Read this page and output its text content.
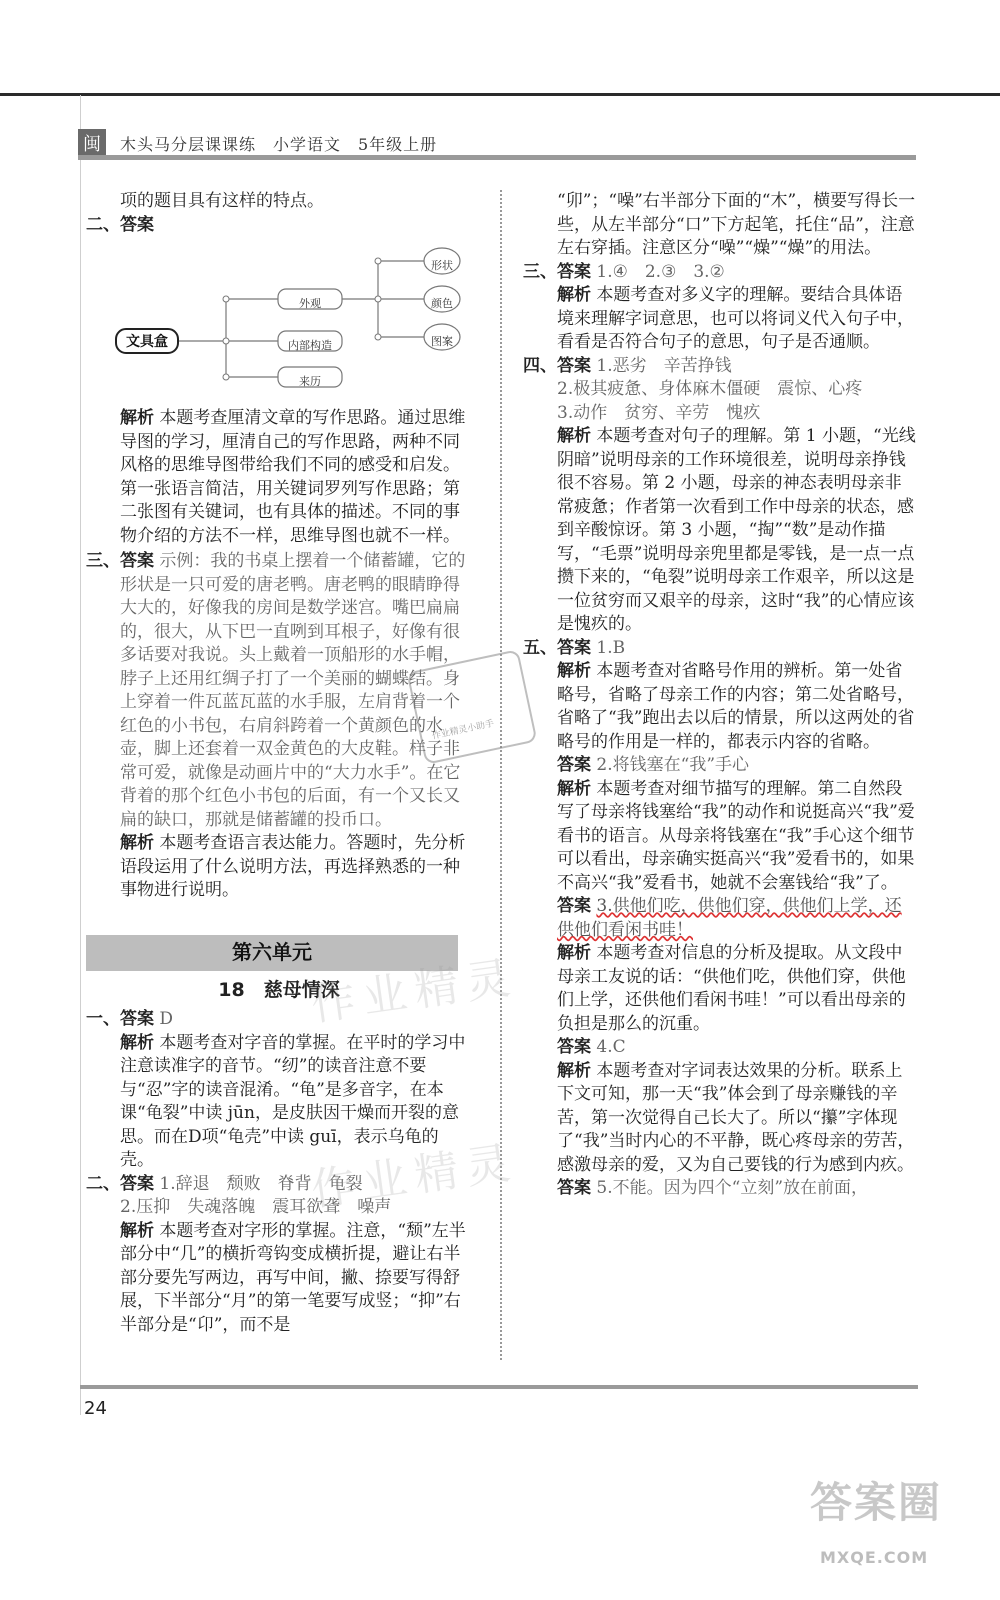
闽	木头马分层课课练　小学语文　5年级上册

项的题目具有这样的特点。

二、 答案
文具盒
外观
内部构造
来历
形状
颜色
图案

解析 本题考查厘清文章的写作思路。通过思维导图的学习，厘清自己的写作思路，两种不同风格的思维导图带给我们不同的感受和启发。第一张语言简洁，用关键词罗列写作思路；第二张图有关键词，也有具体的描述。不同的事物介绍的方法不一样，思维导图也就不一样。

三、 答案 示例：我的书桌上摆着一个储蓄罐，它的形状是一只可爱的唐老鸭。唐老鸭的眼睛睁得大大的，好像我的房间是数学迷宫。嘴巴扁扁的，很大，从下巴一直咧到耳根子，好像有很多话要对我说。头上戴着一顶船形的水手帽，脖子上还用红绸子打了一个美丽的蝴蝶结。身上穿着一件瓦蓝瓦蓝的水手服，左肩背着一个红色的小书包，右肩斜跨着一个黄颜色的水壶，脚上还套着一双金黄色的大皮鞋。样子非常可爱，就像是动画片中的“大力水手”。在它背着的那个红色小书包的后面，有一个又长又扁的缺口，那就是储蓄罐的投币口。

解析 本题考查语言表达能力。答题时，先分析语段运用了什么说明方法，再选择熟悉的一种事物进行说明。

第六单元
18　慈母情深
一、 答案 D

解析 本题考查对字音的掌握。在平时的学习中注意读准字的音节。“纫”的读音注意不要与“忍”字的读音混淆。“龟”是多音字，在本课“龟裂”中读 jūn，是皮肤因干燥而开裂的意思。而在D项“龟壳”中读 guī，表示乌龟的壳。

二、 答案 1.辞退　颓败　脊背　龟裂

2.压抑　失魂落魄　震耳欲聋　噪声

解析 本题考查对字形的掌握。注意，“颓”左半部分中“几”的横折弯钩变成横折提，避让右半部分要先写两边，再写中间，撇、捺要写得舒展，下半部分“月”的第一笔要写成竖；“抑”右半部分是“卬”，而不是

“卯”；“噪”右半部分下面的“木”，横要写得长一些，从左半部分“口”下方起笔，托住“品”，注意左右穿插。注意区分“噪”“燥”“燥”的用法。

三、 答案 1.④　2.③　3.②

解析 本题考查对多义字的理解。要结合具体语境来理解字词意思，也可以将词义代入句子中，看看是否符合句子的意思，句子是否通顺。

四、 答案 1.恶劣　辛苦挣钱

2.极其疲惫、身体麻木僵硬　震惊、心疼

3.动作　贫穷、辛劳　愧疚

解析 本题考查对句子的理解。第 1 小题，“光线阴暗”说明母亲的工作环境很差，说明母亲挣钱很不容易。第 2 小题，母亲的神态表明母亲非常疲惫；作者第一次看到工作中母亲的状态，感到辛酸惊讶。第 3 小题，“掏”“数”是动作描写，“毛票”说明母亲兜里都是零钱，是一点一点攒下来的，“龟裂”说明母亲工作艰辛，所以这是一位贫穷而又艰辛的母亲，这时“我”的心情应该是愧疚的。

五、 答案 1.B

解析 本题考查对省略号作用的辨析。第一处省略号，省略了母亲工作的内容；第二处省略号，省略了“我”跑出去以后的情景，所以这两处的省略号的作用是一样的，都表示内容的省略。

答案 2.将钱塞在“我”手心

解析 本题考查对细节描写的理解。第二自然段写了母亲将钱塞给“我”的动作和说挺高兴“我”爱看书的语言。从母亲将钱塞在“我”手心这个细节可以看出，母亲确实挺高兴“我”爱看书的，如果不高兴“我”爱看书，她就不会塞钱给“我”了。

答案 3.供他们吃，供他们穿，供他们上学，还供他们看闲书哇！

解析 本题考查对信息的分析及提取。从文段中母亲工友说的话：“供他们吃，供他们穿，供他们上学，还供他们看闲书哇！”可以看出母亲的负担是那么的沉重。

答案 4.C

解析 本题考查对字词表达效果的分析。联系上下文可知，那一天“我”体会到了母亲赚钱的辛苦，第一次觉得自己长大了。所以“攥”字体现了“我”当时内心的不平静，既心疼母亲的劳苦，感激母亲的爱，又为自己要钱的行为感到内疚。

答案 5.不能。因为四个“立刻”放在前面，

作业精灵小助手
作业精灵
作业精灵
24
答案圈
MXQE.COM
